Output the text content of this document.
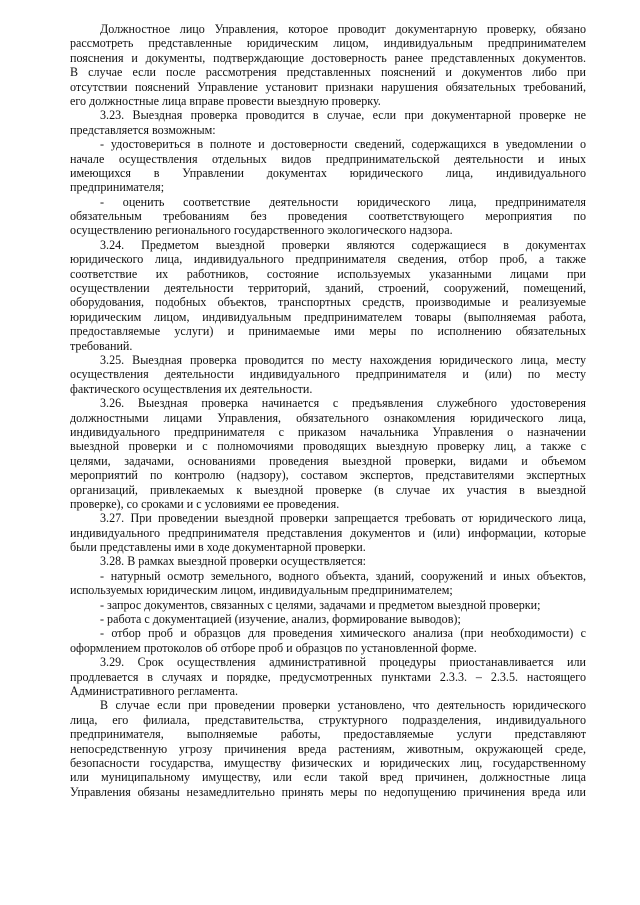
Должностное лицо Управления, которое проводит документарную проверку, обязано
рассмотреть представленные юридическим лицом, индивидуальным предпринимателем
пояснения и документы, подтверждающие достоверность ранее представленных документов.
В случае если после рассмотрения представленных пояснений и документов либо при
отсутствии пояснений Управление установит признаки нарушения обязательных требований,
его должностные лица вправе провести выездную проверку.
3.23. Выездная проверка проводится в случае, если при документарной проверке не
представляется возможным:
- удостовериться в полноте и достоверности сведений, содержащихся в уведомлении о
начале осуществления отдельных видов предпринимательской деятельности и иных
имеющихся в Управлении документах юридического лица, индивидуального
предпринимателя;
- оценить соответствие деятельности юридического лица, предпринимателя
обязательным требованиям без проведения соответствующего мероприятия по
осуществлению регионального государственного экологического надзора.
3.24. Предметом выездной проверки являются содержащиеся в документах
юридического лица, индивидуального предпринимателя сведения, отбор проб, а также
соответствие их работников, состояние используемых указанными лицами при
осуществлении деятельности территорий, зданий, строений, сооружений, помещений,
оборудования, подобных объектов, транспортных средств, производимые и реализуемые
юридическим лицом, индивидуальным предпринимателем товары (выполняемая работа,
предоставляемые услуги) и принимаемые ими меры по исполнению обязательных
требований.
3.25. Выездная проверка проводится по месту нахождения юридического лица, месту
осуществления деятельности индивидуального предпринимателя и (или) по месту
фактического осуществления их деятельности.
3.26. Выездная проверка начинается с предъявления служебного удостоверения
должностными лицами Управления, обязательного ознакомления юридического лица,
индивидуального предпринимателя с приказом начальника Управления о назначении
выездной проверки и с полномочиями проводящих выездную проверку лиц, а также с
целями, задачами, основаниями проведения выездной проверки, видами и объемом
мероприятий по контролю (надзору), составом экспертов, представителями экспертных
организаций, привлекаемых к выездной проверке (в случае их участия в выездной
проверке), со сроками и с условиями ее проведения.
3.27. При проведении выездной проверки запрещается требовать от юридического лица,
индивидуального предпринимателя представления документов и (или) информации, которые
были представлены ими в ходе документарной проверки.
3.28. В рамках выездной проверки осуществляется:
- натурный осмотр земельного, водного объекта, зданий, сооружений и иных объектов,
используемых юридическим лицом, индивидуальным предпринимателем;
- запрос документов, связанных с целями, задачами и предметом выездной проверки;
- работа с документацией (изучение, анализ, формирование выводов);
- отбор проб и образцов для проведения химического анализа (при необходимости) с
оформлением протоколов об отборе проб и образцов по установленной форме.
3.29. Срок осуществления административной процедуры приостанавливается или
продлевается в случаях и порядке, предусмотренных пунктами 2.3.3. – 2.3.5. настоящего
Административного регламента.
В случае если при проведении проверки установлено, что деятельность юридического
лица, его филиала, представительства, структурного подразделения, индивидуального
предпринимателя, выполняемые работы, предоставляемые услуги представляют
непосредственную угрозу причинения вреда растениям, животным, окружающей среде,
безопасности государства, имуществу физических и юридических лиц, государственному
или муниципальному имуществу, или если такой вред причинен, должностные лица
Управления обязаны незамедлительно принять меры по недопущению причинения вреда или
